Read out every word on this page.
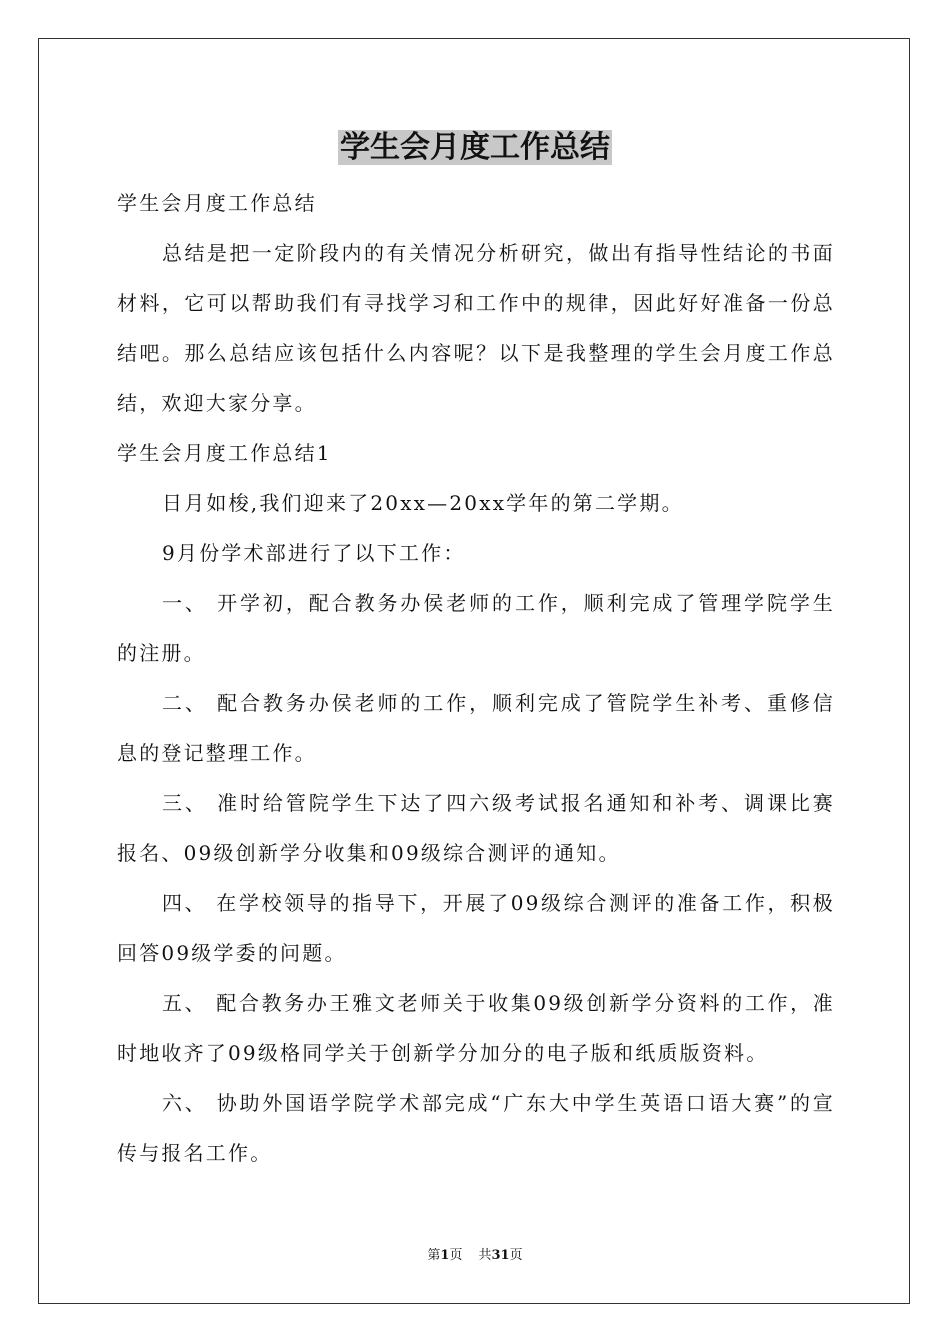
学生会月度工作总结

学生会月度工作总结

总结是把一定阶段内的有关情况分析研究，做出有指导性结论的书面材料，它可以帮助我们有寻找学习和工作中的规律，因此好好准备一份总结吧。那么总结应该包括什么内容呢？以下是我整理的学生会月度工作总结，欢迎大家分享。

学生会月度工作总结1

日月如梭,我们迎来了20xx—20xx学年的第二学期。

9月份学术部进行了以下工作：

一、 开学初，配合教务办侯老师的工作，顺利完成了管理学院学生的注册。

二、 配合教务办侯老师的工作，顺利完成了管院学生补考、重修信息的登记整理工作。

三、 准时给管院学生下达了四六级考试报名通知和补考、调课比赛报名、09级创新学分收集和09级综合测评的通知。

四、 在学校领导的指导下，开展了09级综合测评的准备工作，积极回答09级学委的问题。

五、 配合教务办王雅文老师关于收集09级创新学分资料的工作，准时地收齐了09级格同学关于创新学分加分的电子版和纸质版资料。

六、 协助外国语学院学术部完成“广东大中学生英语口语大赛”的宣传与报名工作。

第1页 共31页
